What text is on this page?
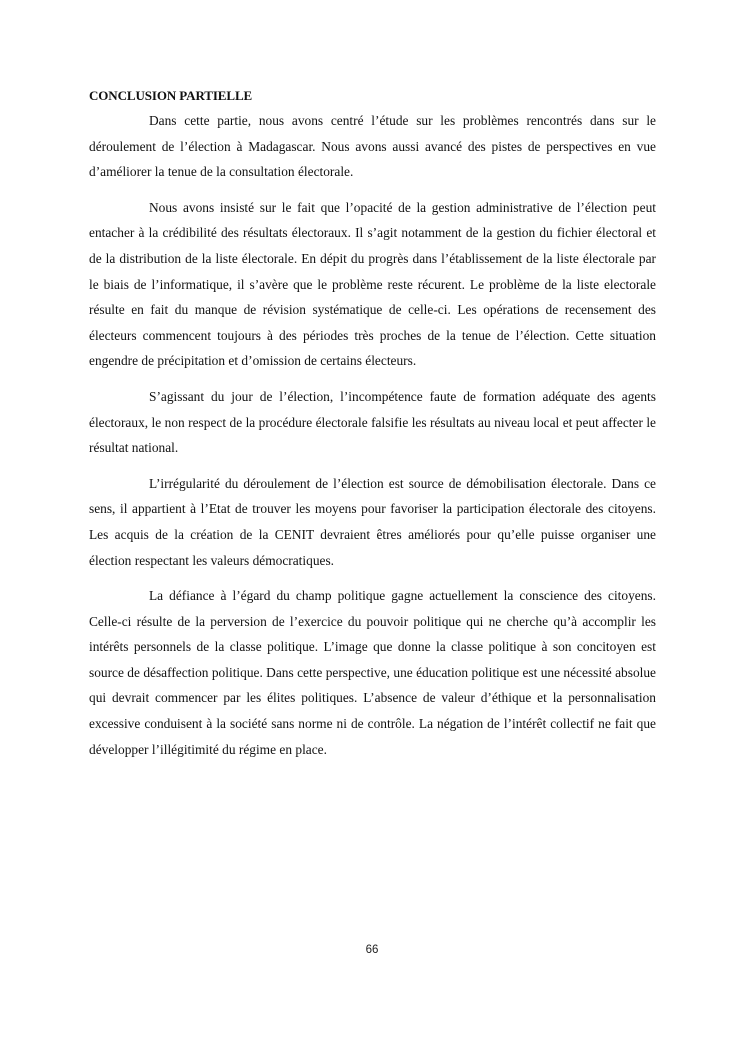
CONCLUSION PARTIELLE

Dans cette partie, nous avons centré l’étude sur les problèmes rencontrés dans sur le déroulement de l’élection à Madagascar. Nous avons aussi avancé des pistes de perspectives en vue d’améliorer la tenue de la consultation électorale.

Nous avons insisté sur le fait que l’opacité de la gestion administrative de l’élection peut entacher à la crédibilité des résultats électoraux. Il s’agit notamment de la gestion du fichier électoral et de la distribution de la liste électorale. En dépit du progrès dans l’établissement de la liste électorale par le biais de l’informatique, il s’avère que le problème reste récurent. Le problème de la liste electorale résulte en fait du manque de révision systématique de celle-ci. Les opérations de recensement des électeurs commencent toujours à des périodes très proches de la tenue de l’élection. Cette situation engendre de précipitation et d’omission de certains électeurs.

S’agissant du jour de l’élection, l’incompétence faute de formation adéquate des agents électoraux, le non respect de la procédure électorale falsifie les résultats au niveau local et peut affecter le résultat national.

L’irrégularité du déroulement de l’élection est source de démobilisation électorale. Dans ce sens, il appartient à l’Etat de trouver les moyens pour favoriser la participation électorale des citoyens. Les acquis de la création de la CENIT devraient êtres améliorés pour qu’elle puisse organiser une élection respectant les valeurs démocratiques.

La défiance à l’égard du champ politique gagne actuellement la conscience des citoyens. Celle-ci résulte de la perversion de l’exercice du pouvoir politique qui ne cherche qu’à accomplir les intérêts personnels de la classe politique. L’image que donne la classe politique à son concitoyen est source de désaffection politique. Dans cette perspective, une éducation politique est une nécessité absolue qui devrait commencer par les élites politiques. L’absence de valeur d’éthique et la personnalisation excessive conduisent à la société sans norme ni de contrôle. La négation de l’intérêt collectif ne fait que développer l’illégitimité du régime en place.

66
